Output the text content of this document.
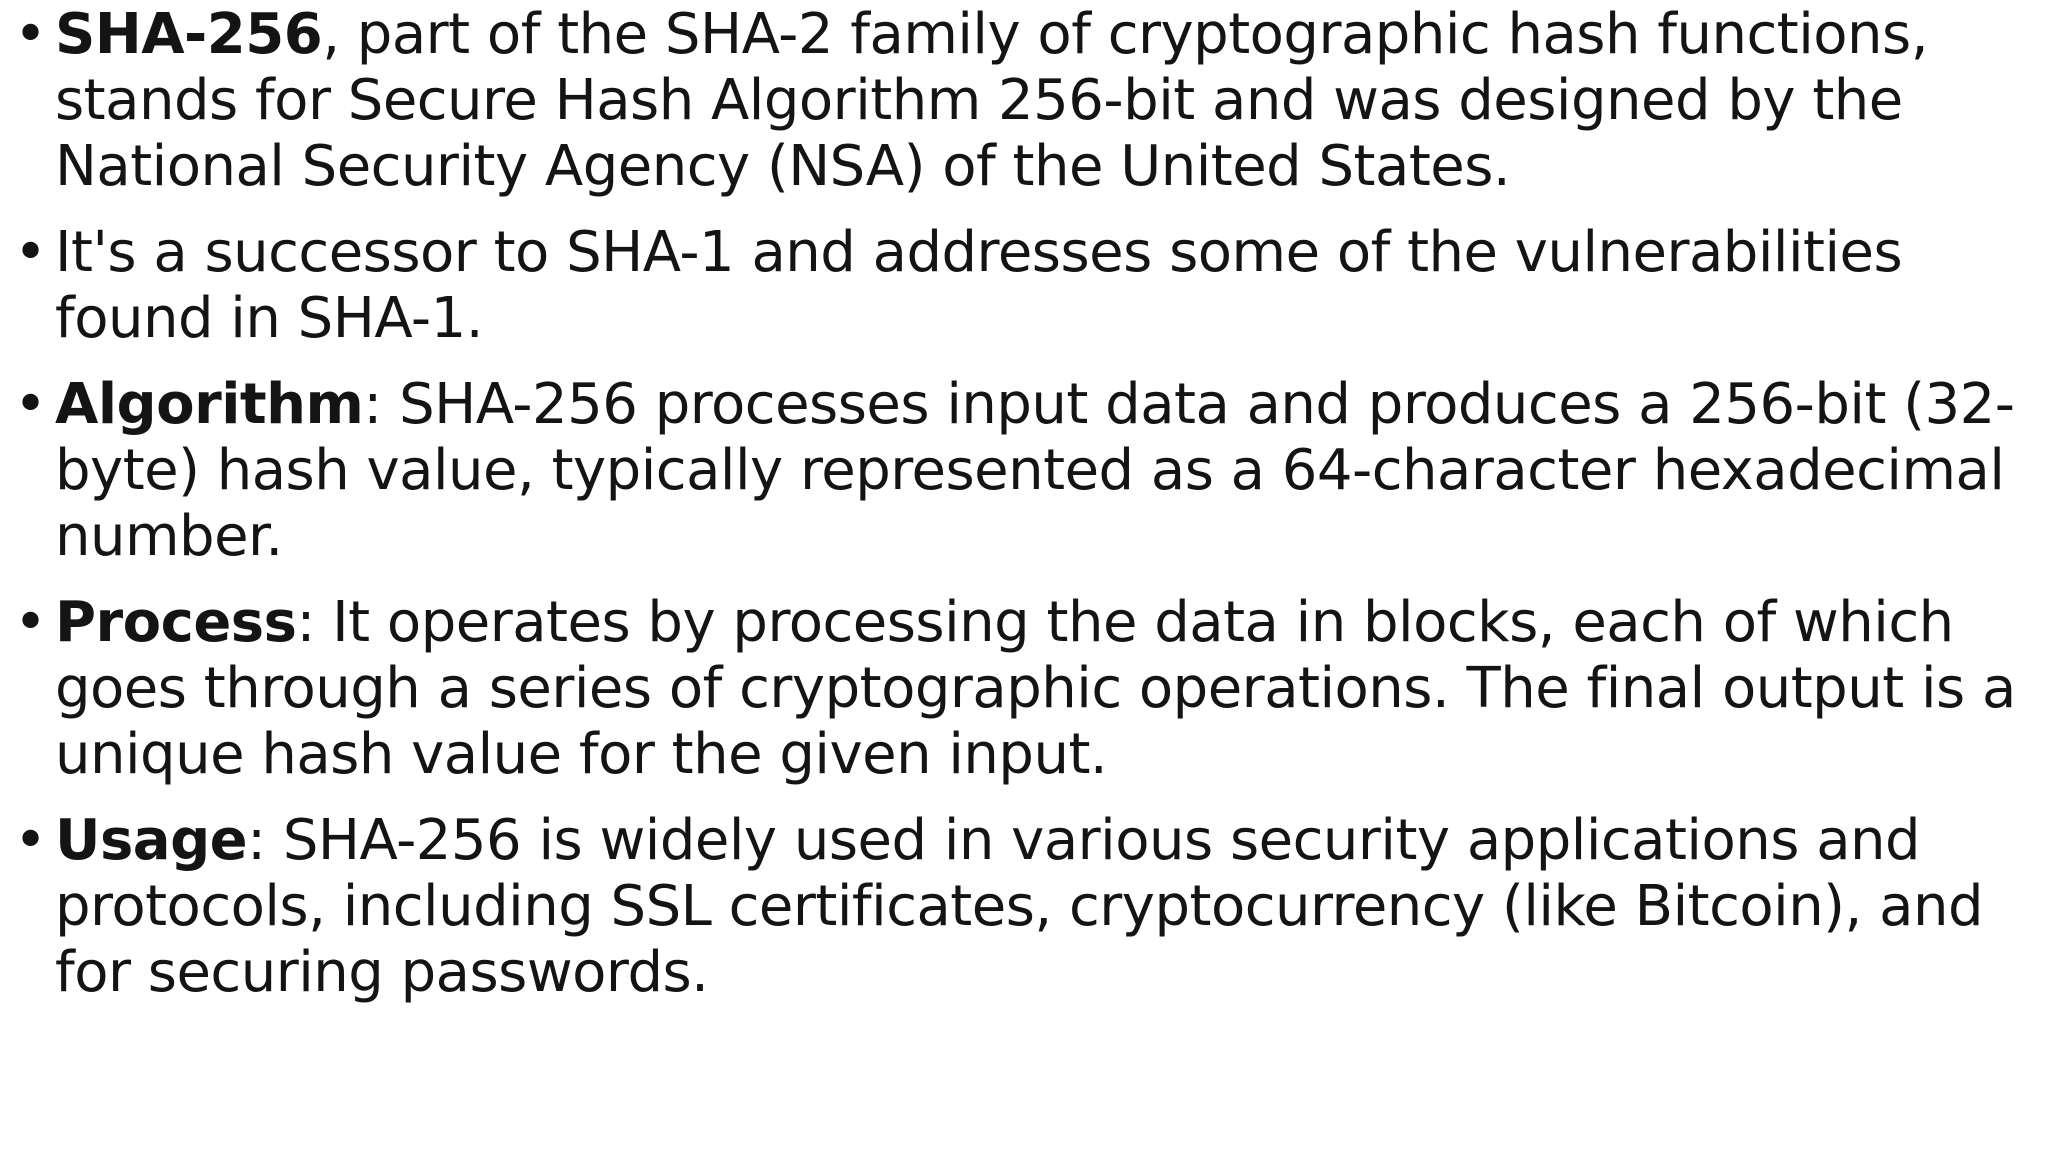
• SHA-256, part of the SHA-2 family of cryptographic hash functions, stands for Secure Hash Algorithm 256-bit and was designed by the National Security Agency (NSA) of the United States.
• It's a successor to SHA-1 and addresses some of the vulnerabilities found in SHA-1.
• Algorithm: SHA-256 processes input data and produces a 256-bit (32-byte) hash value, typically represented as a 64-character hexadecimal number.
• Process: It operates by processing the data in blocks, each of which goes through a series of cryptographic operations. The final output is a unique hash value for the given input.
• Usage: SHA-256 is widely used in various security applications and protocols, including SSL certificates, cryptocurrency (like Bitcoin), and for securing passwords.
